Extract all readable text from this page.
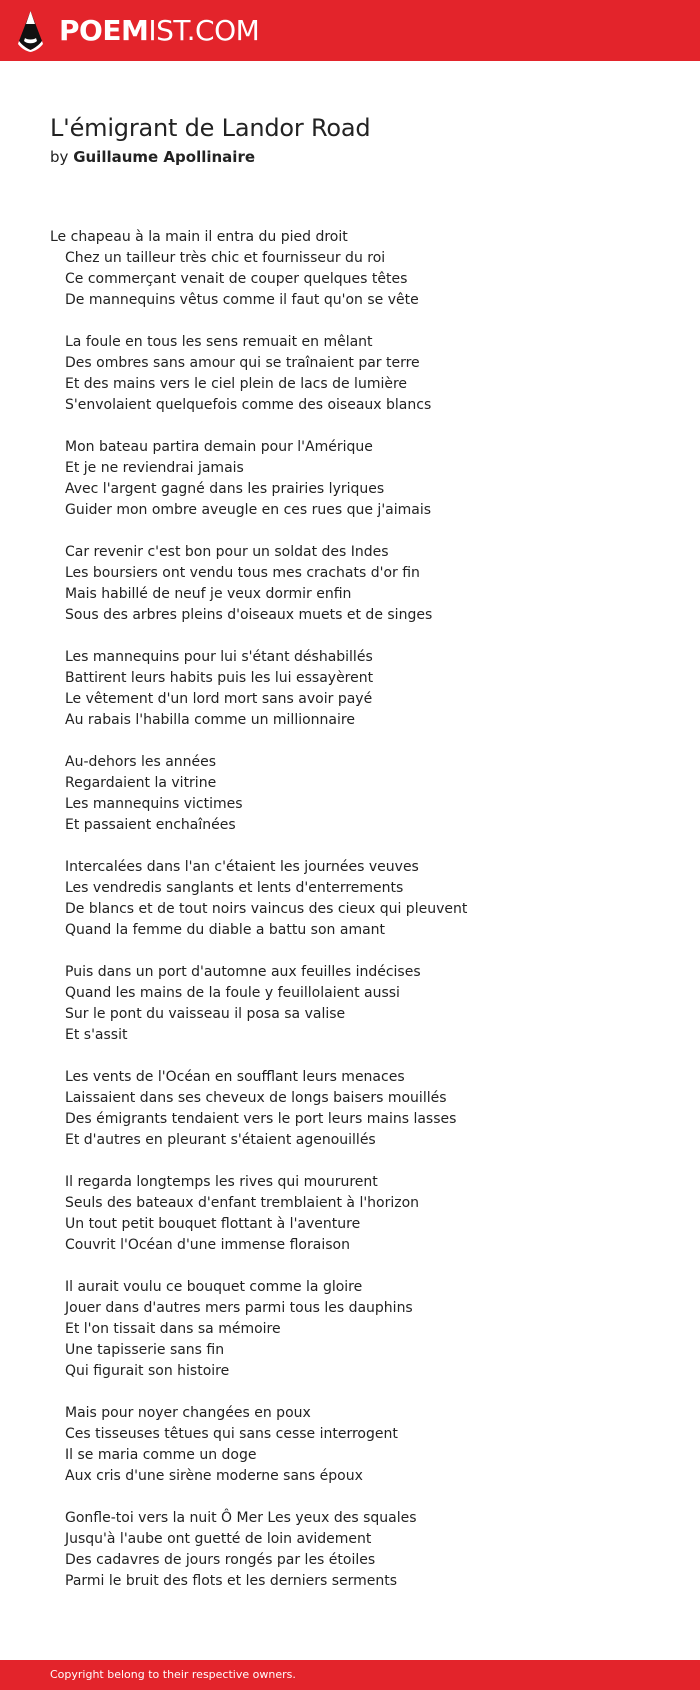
POEMIST.COM
L'émigrant de Landor Road
by Guillaume Apollinaire
Le chapeau à la main il entra du pied droit
Chez un tailleur très chic et fournisseur du roi
Ce commerçant venait de couper quelques têtes
De mannequins vêtus comme il faut qu'on se vête
La foule en tous les sens remuait en mêlant
Des ombres sans amour qui se traînaient par terre
Et des mains vers le ciel plein de lacs de lumière
S'envolaient quelquefois comme des oiseaux blancs
Mon bateau partira demain pour l'Amérique
Et je ne reviendrai jamais
Avec l'argent gagné dans les prairies lyriques
Guider mon ombre aveugle en ces rues que j'aimais
Car revenir c'est bon pour un soldat des Indes
Les boursiers ont vendu tous mes crachats d'or fin
Mais habillé de neuf je veux dormir enfin
Sous des arbres pleins d'oiseaux muets et de singes
Les mannequins pour lui s'étant déshabillés
Battirent leurs habits puis les lui essayèrent
Le vêtement d'un lord mort sans avoir payé
Au rabais l'habilla comme un millionnaire
Au-dehors les années
Regardaient la vitrine
Les mannequins victimes
Et passaient enchaînées
Intercalées dans l'an c'étaient les journées veuves
Les vendredis sanglants et lents d'enterrements
De blancs et de tout noirs vaincus des cieux qui pleuvent
Quand la femme du diable a battu son amant
Puis dans un port d'automne aux feuilles indécises
Quand les mains de la foule y feuillolaient aussi
Sur le pont du vaisseau il posa sa valise
Et s'assit
Les vents de l'Océan en soufflant leurs menaces
Laissaient dans ses cheveux de longs baisers mouillés
Des émigrants tendaient vers le port leurs mains lasses
Et d'autres en pleurant s'étaient agenouillés
Il regarda longtemps les rives qui moururent
Seuls des bateaux d'enfant tremblaient à l'horizon
Un tout petit bouquet flottant à l'aventure
Couvrit l'Océan d'une immense floraison
Il aurait voulu ce bouquet comme la gloire
Jouer dans d'autres mers parmi tous les dauphins
Et l'on tissait dans sa mémoire
Une tapisserie sans fin
Qui figurait son histoire
Mais pour noyer changées en poux
Ces tisseuses têtues qui sans cesse interrogent
Il se maria comme un doge
Aux cris d'une sirène moderne sans époux
Gonfle-toi vers la nuit Ô Mer Les yeux des squales
Jusqu'à l'aube ont guetté de loin avidement
Des cadavres de jours rongés par les étoiles
Parmi le bruit des flots et les derniers serments
Copyright belong to their respective owners.
